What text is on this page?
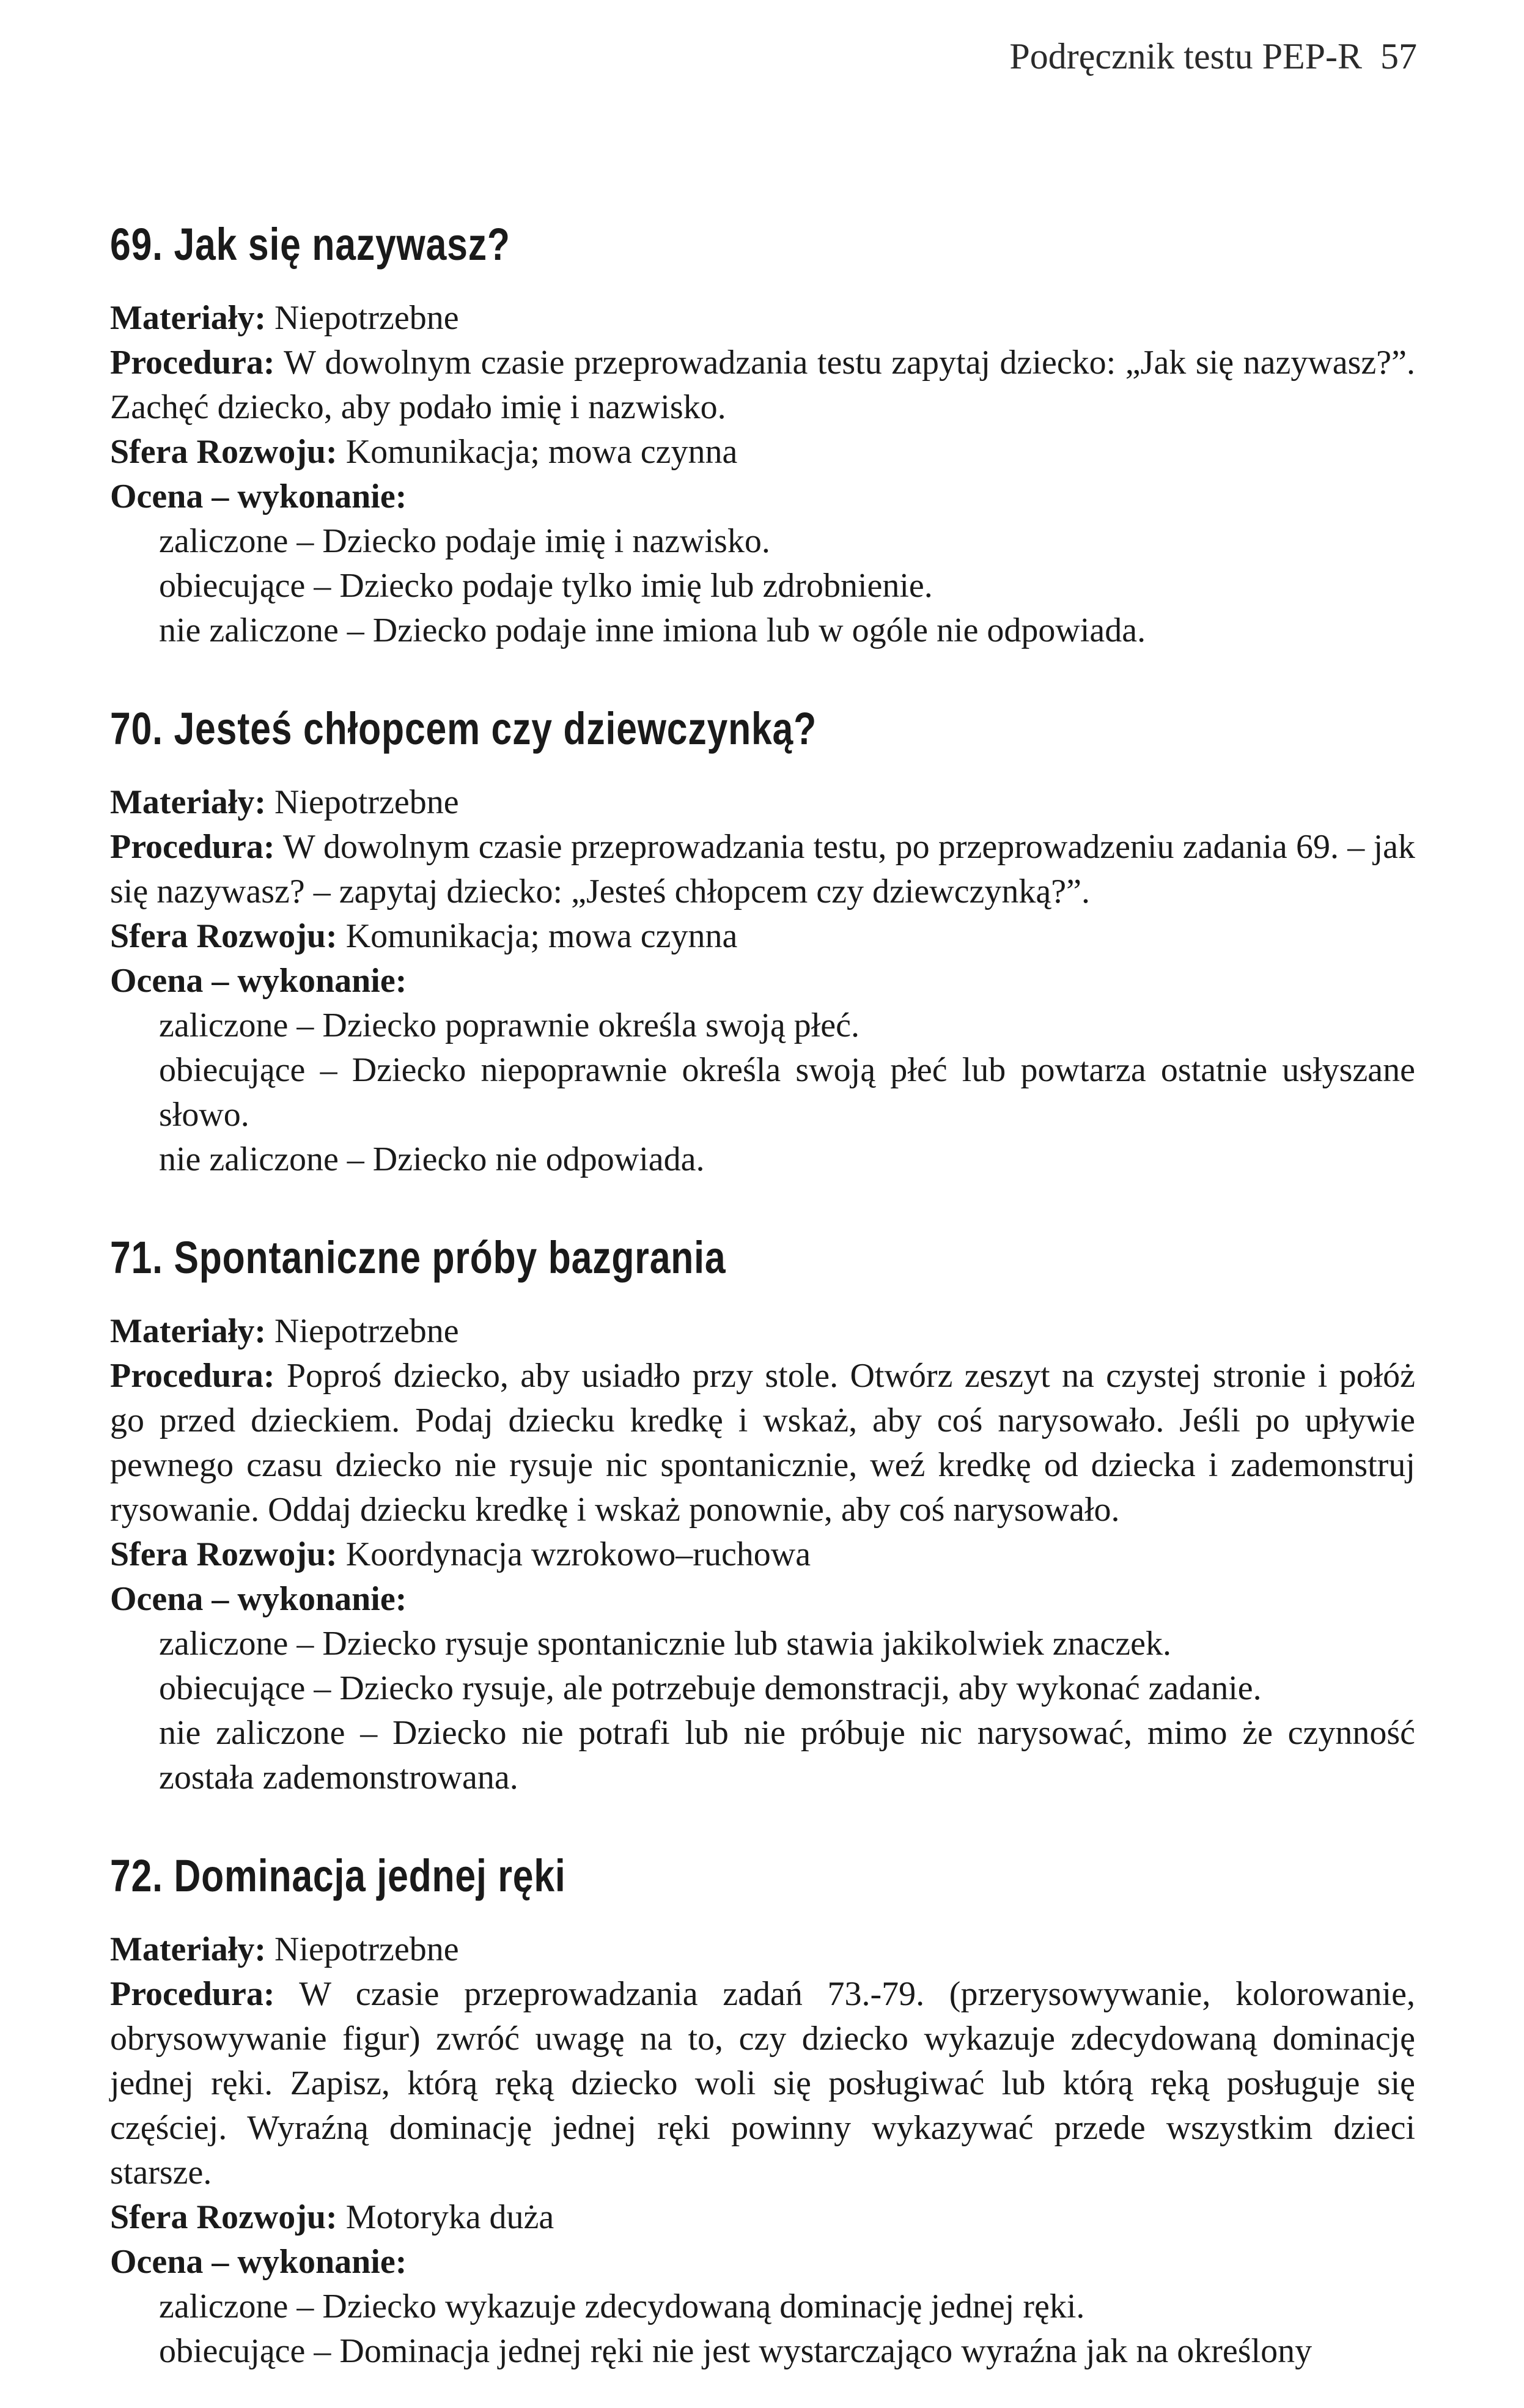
Podręcznik testu PEP-R 57
69. Jak się nazywasz?
Materiały: Niepotrzebne
Procedura: W dowolnym czasie przeprowadzania testu zapytaj dziecko: „Jak się nazywasz?”. Zachęć dziecko, aby podało imię i nazwisko.
Sfera Rozwoju: Komunikacja; mowa czynna
Ocena – wykonanie:
zaliczone – Dziecko podaje imię i nazwisko.
obiecujące – Dziecko podaje tylko imię lub zdrobnienie.
nie zaliczone – Dziecko podaje inne imiona lub w ogóle nie odpowiada.
70. Jesteś chłopcem czy dziewczynką?
Materiały: Niepotrzebne
Procedura: W dowolnym czasie przeprowadzania testu, po przeprowadzeniu zadania 69. – jak się nazywasz? – zapytaj dziecko: „Jesteś chłopcem czy dziewczynką?”.
Sfera Rozwoju: Komunikacja; mowa czynna
Ocena – wykonanie:
zaliczone – Dziecko poprawnie określa swoją płeć.
obiecujące – Dziecko niepoprawnie określa swoją płeć lub powtarza ostatnie usłyszane słowo.
nie zaliczone – Dziecko nie odpowiada.
71. Spontaniczne próby bazgrania
Materiały: Niepotrzebne
Procedura: Poproś dziecko, aby usiadło przy stole. Otwórz zeszyt na czystej stronie i połóż go przed dzieckiem. Podaj dziecku kredkę i wskaż, aby coś narysowało. Jeśli po upływie pewnego czasu dziecko nie rysuje nic spontanicznie, weź kredkę od dziecka i zademonstruj rysowanie. Oddaj dziecku kredkę i wskaż ponownie, aby coś narysowało.
Sfera Rozwoju: Koordynacja wzrokowo–ruchowa
Ocena – wykonanie:
zaliczone – Dziecko rysuje spontanicznie lub stawia jakikolwiek znaczek.
obiecujące – Dziecko rysuje, ale potrzebuje demonstracji, aby wykonać zadanie.
nie zaliczone – Dziecko nie potrafi lub nie próbuje nic narysować, mimo że czynność została zademonstrowana.
72. Dominacja jednej ręki
Materiały: Niepotrzebne
Procedura: W czasie przeprowadzania zadań 73.-79. (przerysowywanie, kolorowanie, obrysowywanie figur) zwróć uwagę na to, czy dziecko wykazuje zdecydowaną dominację jednej ręki. Zapisz, którą ręką dziecko woli się posługiwać lub którą ręką posługuje się częściej. Wyraźną dominację jednej ręki powinny wykazywać przede wszystkim dzieci starsze.
Sfera Rozwoju: Motoryka duża
Ocena – wykonanie:
zaliczone – Dziecko wykazuje zdecydowaną dominację jednej ręki.
obiecujące – Dominacja jednej ręki nie jest wystarczająco wyraźna jak na określony
